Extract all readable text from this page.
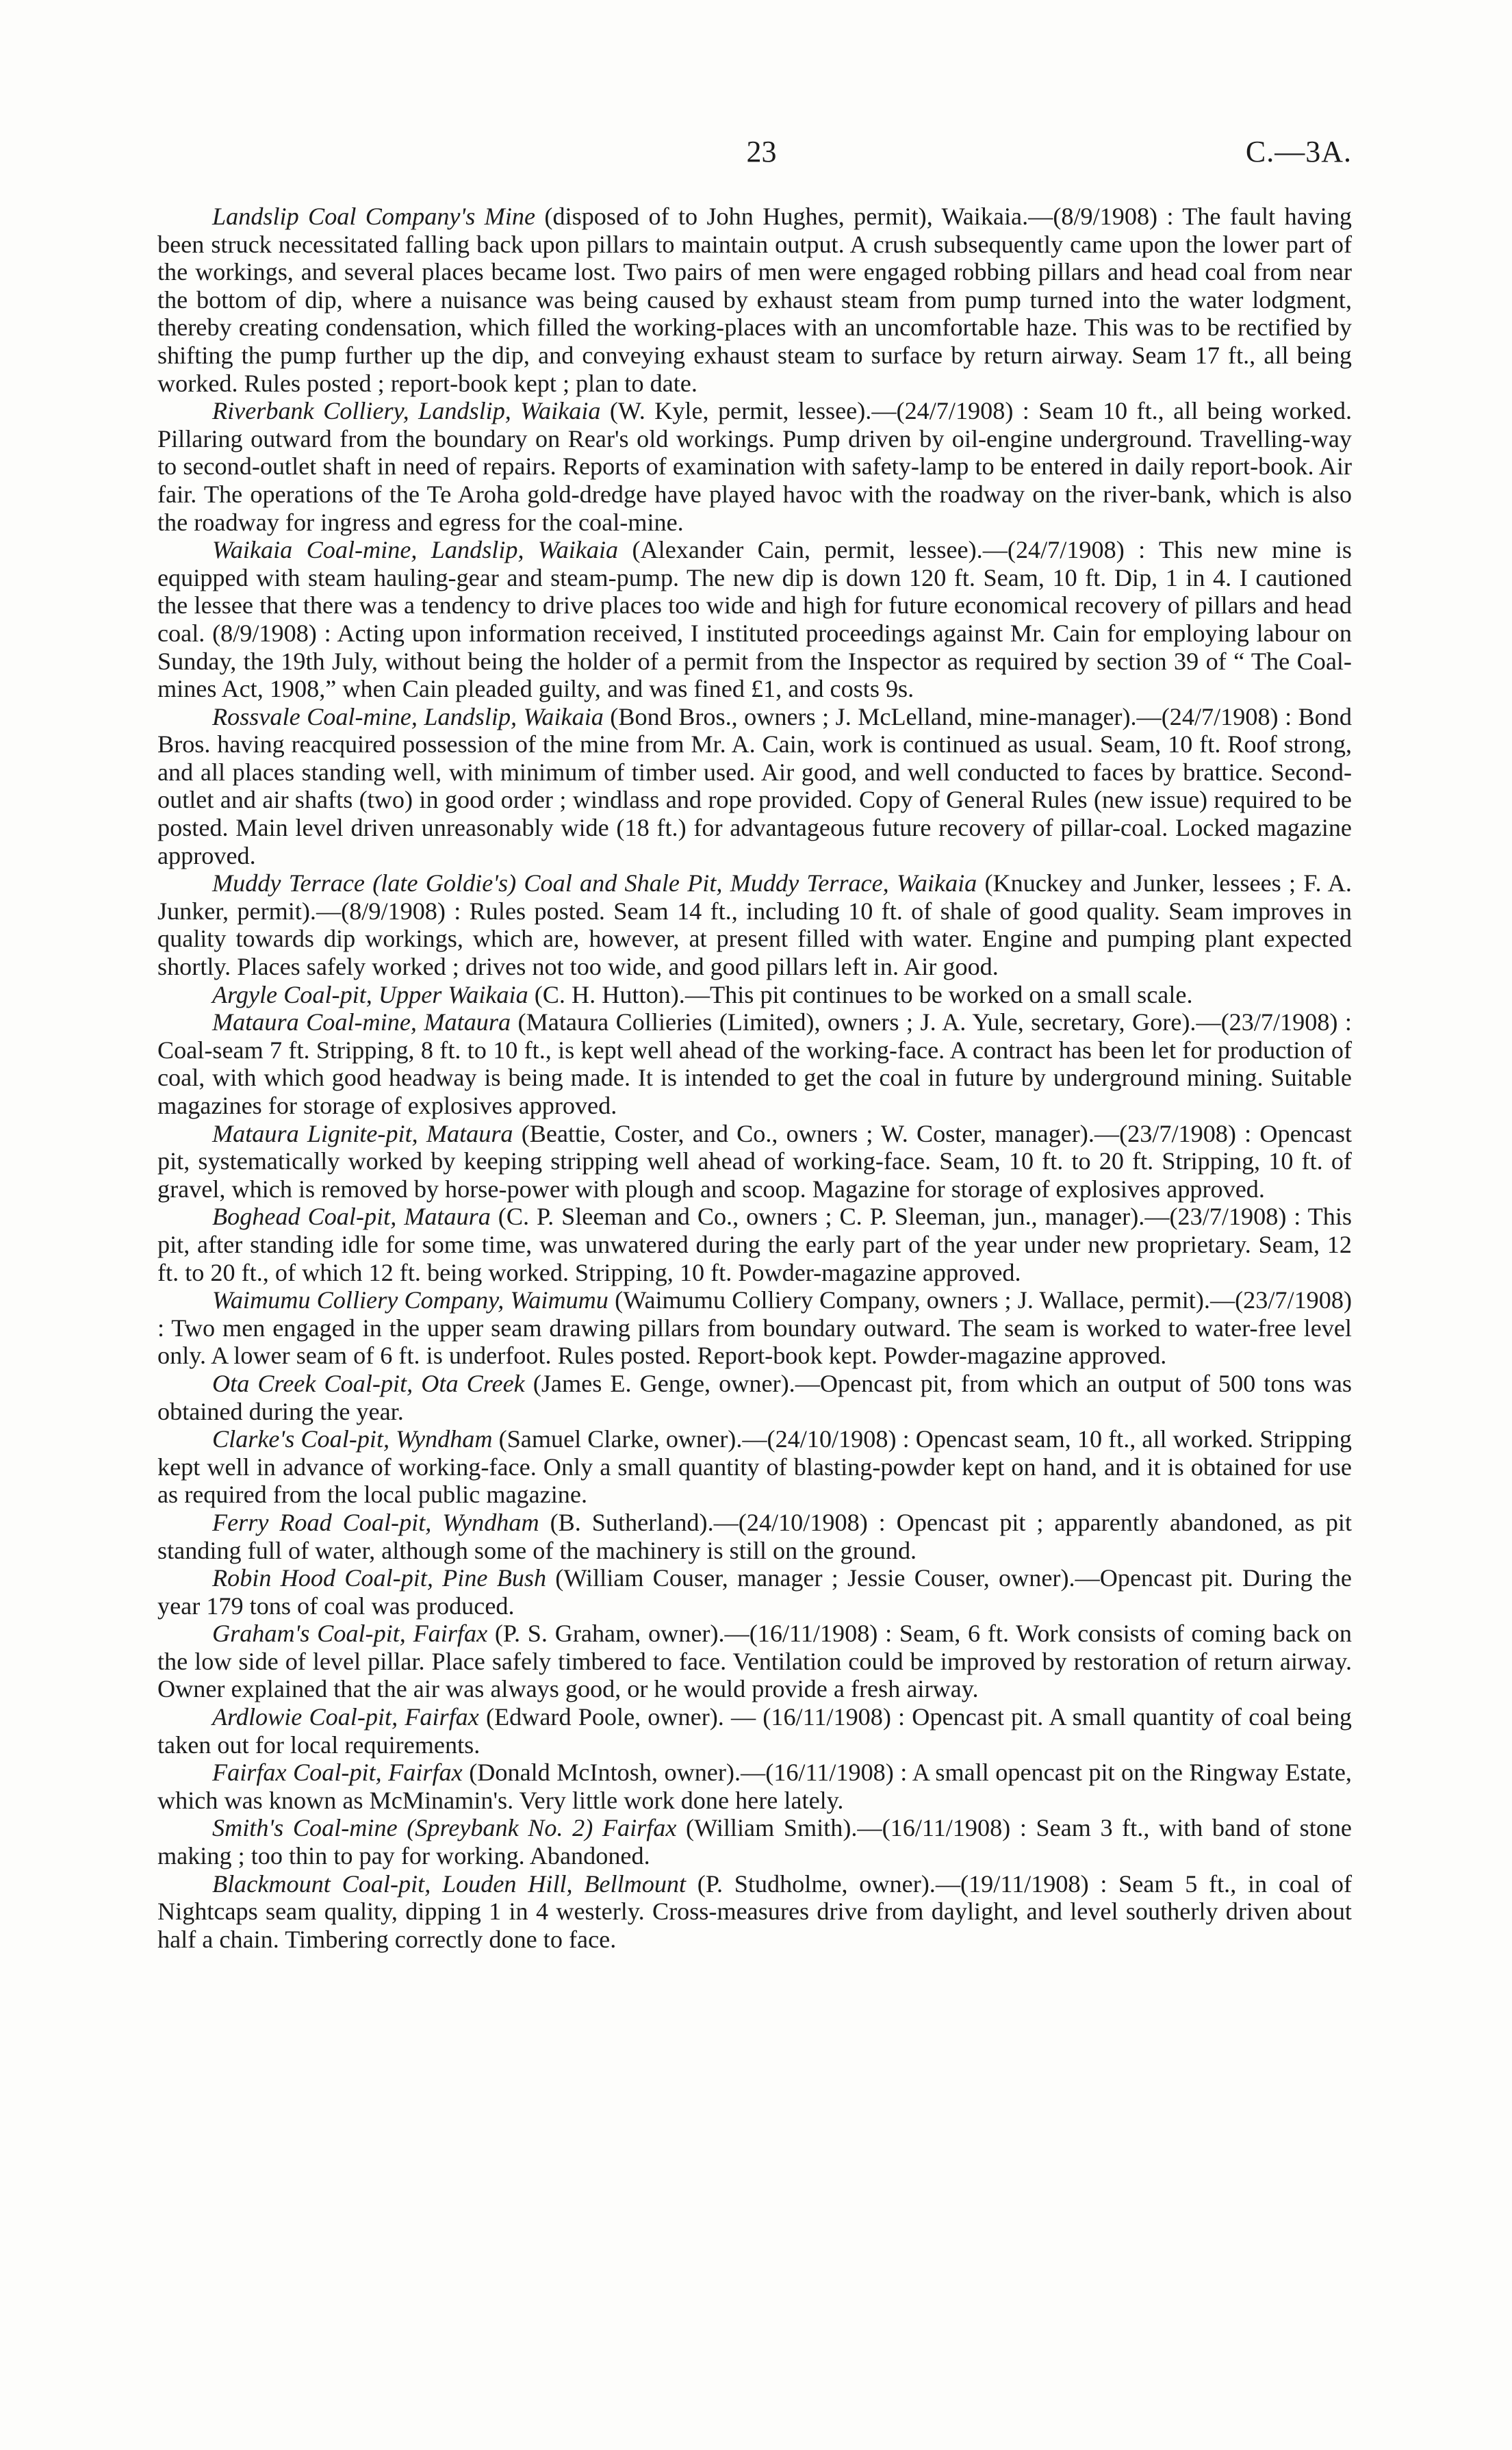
23	C.—3A.

Landslip Coal Company's Mine (disposed of to John Hughes, permit), Waikaia.—(8/9/1908) : The fault having been struck necessitated falling back upon pillars to maintain output. A crush subsequently came upon the lower part of the workings, and several places became lost. Two pairs of men were engaged robbing pillars and head coal from near the bottom of dip, where a nuisance was being caused by exhaust steam from pump turned into the water lodgment, thereby creating condensation, which filled the working-places with an uncomfortable haze. This was to be rectified by shifting the pump further up the dip, and conveying exhaust steam to surface by return airway. Seam 17 ft., all being worked. Rules posted ; report-book kept ; plan to date.

Riverbank Colliery, Landslip, Waikaia (W. Kyle, permit, lessee).—(24/7/1908) : Seam 10 ft., all being worked. Pillaring outward from the boundary on Rear's old workings. Pump driven by oil-engine underground. Travelling-way to second-outlet shaft in need of repairs. Reports of examination with safety-lamp to be entered in daily report-book. Air fair. The operations of the Te Aroha gold-dredge have played havoc with the roadway on the river-bank, which is also the roadway for ingress and egress for the coal-mine.

Waikaia Coal-mine, Landslip, Waikaia (Alexander Cain, permit, lessee).—(24/7/1908) : This new mine is equipped with steam hauling-gear and steam-pump. The new dip is down 120 ft. Seam, 10 ft. Dip, 1 in 4. I cautioned the lessee that there was a tendency to drive places too wide and high for future economical recovery of pillars and head coal. (8/9/1908) : Acting upon information received, I instituted proceedings against Mr. Cain for employing labour on Sunday, the 19th July, without being the holder of a permit from the Inspector as required by section 39 of “ The Coal-mines Act, 1908,” when Cain pleaded guilty, and was fined £1, and costs 9s.

Rossvale Coal-mine, Landslip, Waikaia (Bond Bros., owners ; J. McLelland, mine-manager).—(24/7/1908) : Bond Bros. having reacquired possession of the mine from Mr. A. Cain, work is continued as usual. Seam, 10 ft. Roof strong, and all places standing well, with minimum of timber used. Air good, and well conducted to faces by brattice. Second-outlet and air shafts (two) in good order ; windlass and rope provided. Copy of General Rules (new issue) required to be posted. Main level driven unreasonably wide (18 ft.) for advantageous future recovery of pillar-coal. Locked magazine approved.

Muddy Terrace (late Goldie's) Coal and Shale Pit, Muddy Terrace, Waikaia (Knuckey and Junker, lessees ; F. A. Junker, permit).—(8/9/1908) : Rules posted. Seam 14 ft., including 10 ft. of shale of good quality. Seam improves in quality towards dip workings, which are, however, at present filled with water. Engine and pumping plant expected shortly. Places safely worked ; drives not too wide, and good pillars left in. Air good.

Argyle Coal-pit, Upper Waikaia (C. H. Hutton).—This pit continues to be worked on a small scale.

Mataura Coal-mine, Mataura (Mataura Collieries (Limited), owners ; J. A. Yule, secretary, Gore).—(23/7/1908) : Coal-seam 7 ft. Stripping, 8 ft. to 10 ft., is kept well ahead of the working-face. A contract has been let for production of coal, with which good headway is being made. It is intended to get the coal in future by underground mining. Suitable magazines for storage of explosives approved.

Mataura Lignite-pit, Mataura (Beattie, Coster, and Co., owners ; W. Coster, manager).—(23/7/1908) : Opencast pit, systematically worked by keeping stripping well ahead of working-face. Seam, 10 ft. to 20 ft. Stripping, 10 ft. of gravel, which is removed by horse-power with plough and scoop. Magazine for storage of explosives approved.

Boghead Coal-pit, Mataura (C. P. Sleeman and Co., owners ; C. P. Sleeman, jun., manager).—(23/7/1908) : This pit, after standing idle for some time, was unwatered during the early part of the year under new proprietary. Seam, 12 ft. to 20 ft., of which 12 ft. being worked. Stripping, 10 ft. Powder-magazine approved.

Waimumu Colliery Company, Waimumu (Waimumu Colliery Company, owners ; J. Wallace, permit).—(23/7/1908) : Two men engaged in the upper seam drawing pillars from boundary outward. The seam is worked to water-free level only. A lower seam of 6 ft. is underfoot. Rules posted. Report-book kept. Powder-magazine approved.

Ota Creek Coal-pit, Ota Creek (James E. Genge, owner).—Opencast pit, from which an output of 500 tons was obtained during the year.

Clarke's Coal-pit, Wyndham (Samuel Clarke, owner).—(24/10/1908) : Opencast seam, 10 ft., all worked. Stripping kept well in advance of working-face. Only a small quantity of blasting-powder kept on hand, and it is obtained for use as required from the local public magazine.

Ferry Road Coal-pit, Wyndham (B. Sutherland).—(24/10/1908) : Opencast pit ; apparently abandoned, as pit standing full of water, although some of the machinery is still on the ground.

Robin Hood Coal-pit, Pine Bush (William Couser, manager ; Jessie Couser, owner).—Opencast pit. During the year 179 tons of coal was produced.

Graham's Coal-pit, Fairfax (P. S. Graham, owner).—(16/11/1908) : Seam, 6 ft. Work consists of coming back on the low side of level pillar. Place safely timbered to face. Ventilation could be improved by restoration of return airway. Owner explained that the air was always good, or he would provide a fresh airway.

Ardlowie Coal-pit, Fairfax (Edward Poole, owner). — (16/11/1908) : Opencast pit. A small quantity of coal being taken out for local requirements.

Fairfax Coal-pit, Fairfax (Donald McIntosh, owner).—(16/11/1908) : A small opencast pit on the Ringway Estate, which was known as McMinamin's. Very little work done here lately.

Smith's Coal-mine (Spreybank No. 2) Fairfax (William Smith).—(16/11/1908) : Seam 3 ft., with band of stone making ; too thin to pay for working. Abandoned.

Blackmount Coal-pit, Louden Hill, Bellmount (P. Studholme, owner).—(19/11/1908) : Seam 5 ft., in coal of Nightcaps seam quality, dipping 1 in 4 westerly. Cross-measures drive from daylight, and level southerly driven about half a chain. Timbering correctly done to face.
